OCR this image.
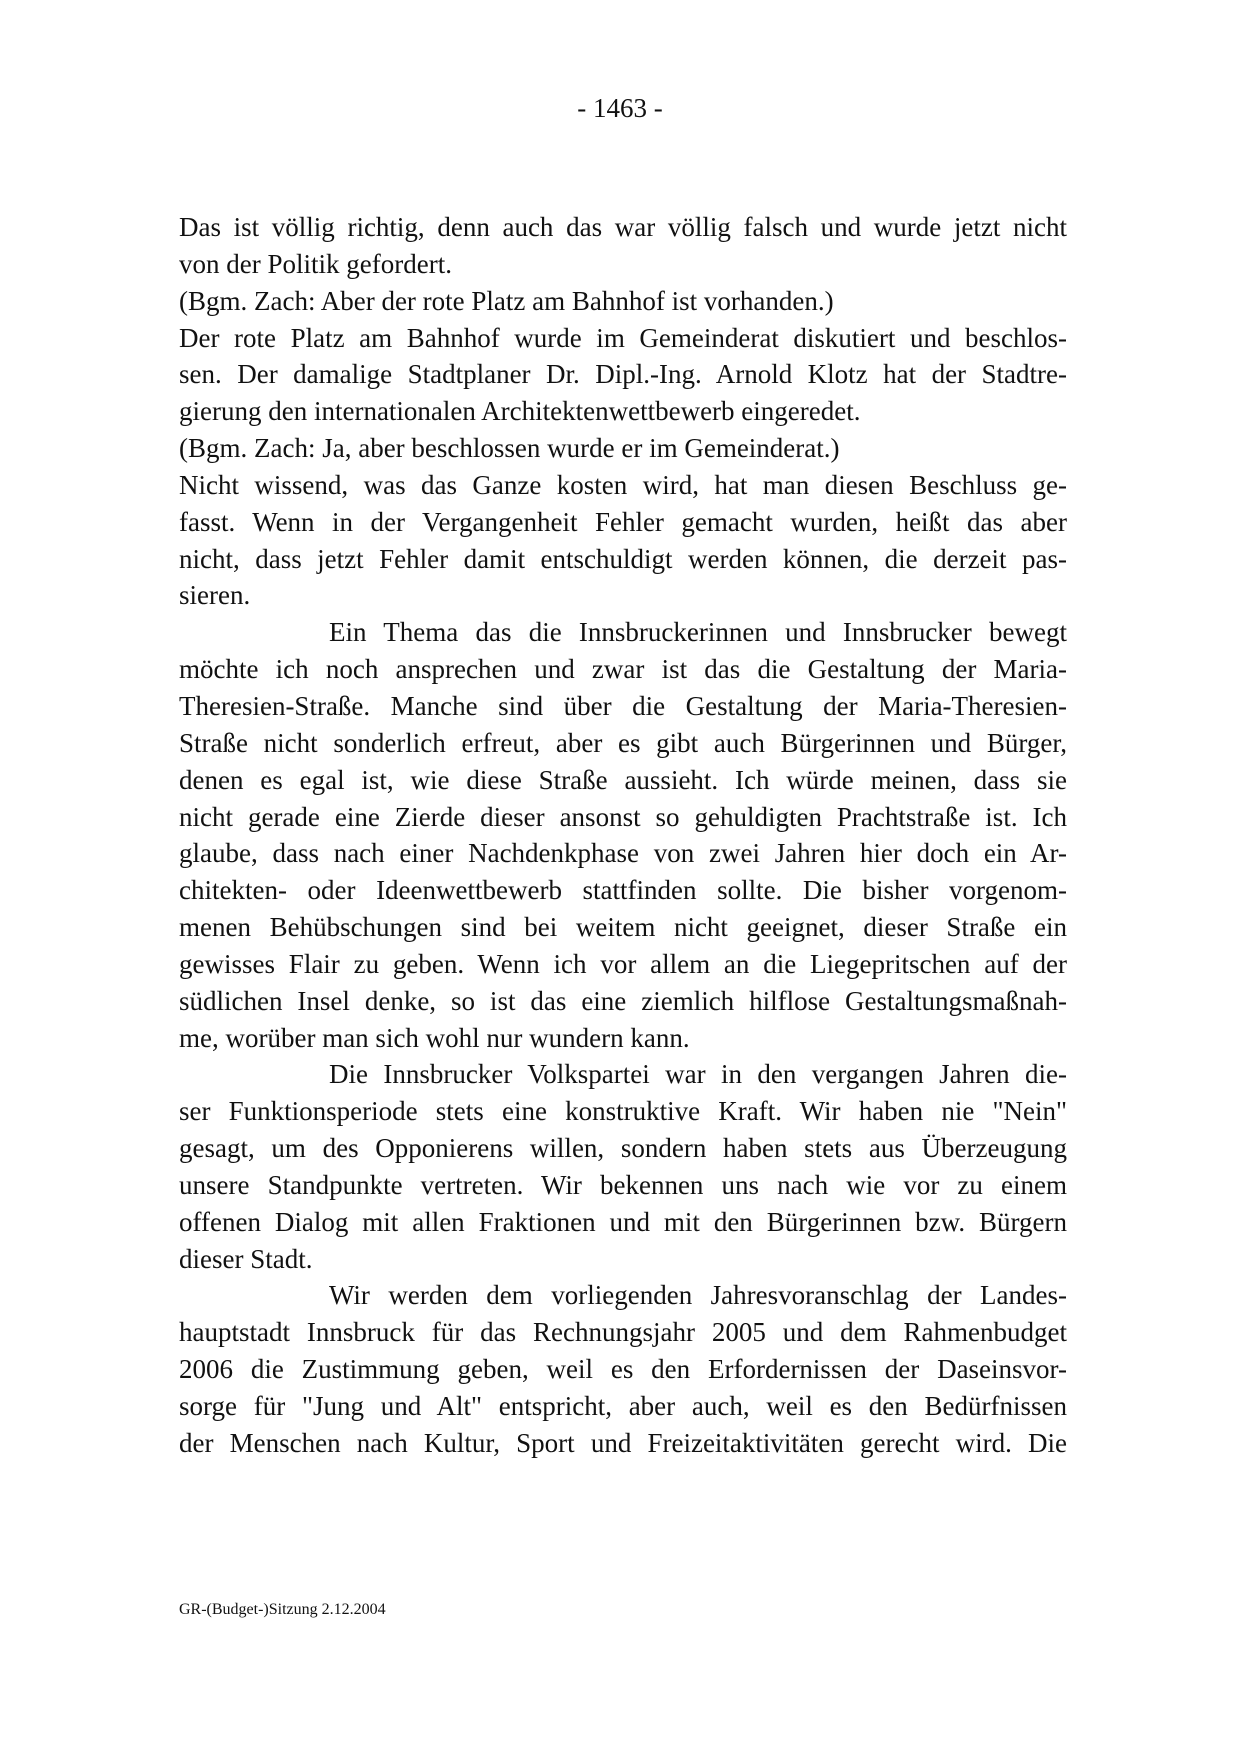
- 1463 -
Das ist völlig richtig, denn auch das war völlig falsch und wurde jetzt nicht
von der Politik gefordert.
(Bgm. Zach: Aber der rote Platz am Bahnhof ist vorhanden.)
Der rote Platz am Bahnhof wurde im Gemeinderat diskutiert und beschlos-
sen. Der damalige Stadtplaner Dr. Dipl.-Ing. Arnold Klotz hat der Stadtre-
gierung den internationalen Architektenwettbewerb eingeredet.
(Bgm. Zach: Ja, aber beschlossen wurde er im Gemeinderat.)
Nicht wissend, was das Ganze kosten wird, hat man diesen Beschluss ge-
fasst. Wenn in der Vergangenheit Fehler gemacht wurden, heißt das aber
nicht, dass jetzt Fehler damit entschuldigt werden können, die derzeit pas-
sieren.
Ein Thema das die Innsbruckerinnen und Innsbrucker bewegt
möchte ich noch ansprechen und zwar ist das die Gestaltung der Maria-
Theresien-Straße. Manche sind über die Gestaltung der Maria-Theresien-
Straße nicht sonderlich erfreut, aber es gibt auch Bürgerinnen und Bürger,
denen es egal ist, wie diese Straße aussieht. Ich würde meinen, dass sie
nicht gerade eine Zierde dieser ansonst so gehuldigten Prachtstraße ist. Ich
glaube, dass nach einer Nachdenkphase von zwei Jahren hier doch ein Ar-
chitekten- oder Ideenwettbewerb stattfinden sollte. Die bisher vorgenom-
menen Behübschungen sind bei weitem nicht geeignet, dieser Straße ein
gewisses Flair zu geben. Wenn ich vor allem an die Liegepritschen auf der
südlichen Insel denke, so ist das eine ziemlich hilflose Gestaltungsmaßnah-
me, worüber man sich wohl nur wundern kann.
Die Innsbrucker Volkspartei war in den vergangen Jahren die-
ser Funktionsperiode stets eine konstruktive Kraft. Wir haben nie "Nein"
gesagt, um des Opponierens willen, sondern haben stets aus Überzeugung
unsere Standpunkte vertreten. Wir bekennen uns nach wie vor zu einem
offenen Dialog mit allen Fraktionen und mit den Bürgerinnen bzw. Bürgern
dieser Stadt.
Wir werden dem vorliegenden Jahresvoranschlag der Landes-
hauptstadt Innsbruck für das Rechnungsjahr 2005 und dem Rahmenbudget
2006 die Zustimmung geben, weil es den Erfordernissen der Daseinsvor-
sorge für "Jung und Alt" entspricht, aber auch, weil es den Bedürfnissen
der Menschen nach Kultur, Sport und Freizeitaktivitäten gerecht wird. Die
GR-(Budget-)Sitzung 2.12.2004
